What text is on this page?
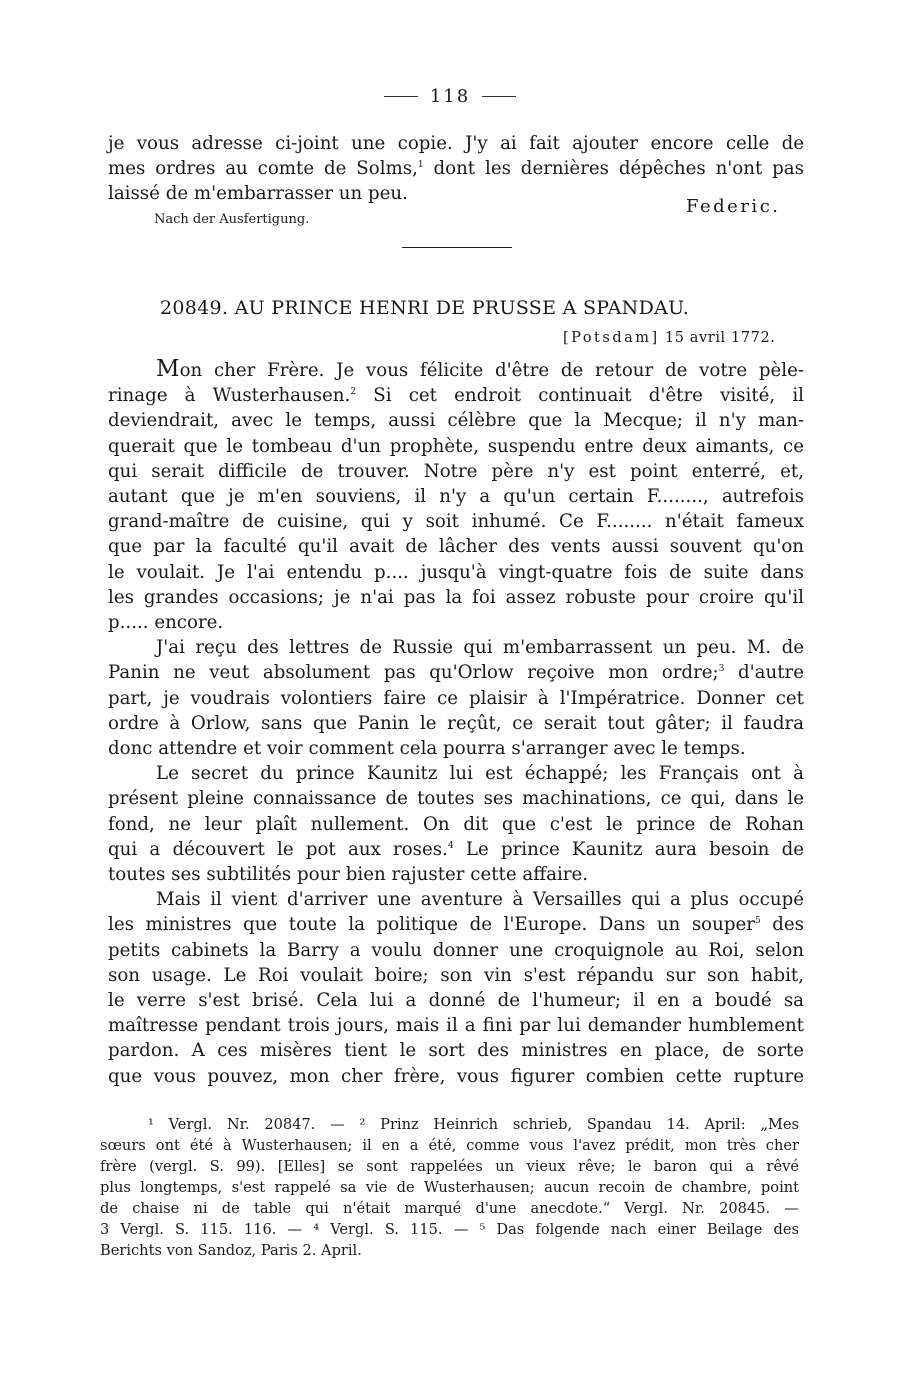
118
je vous adresse ci-joint une copie. J'y ai fait ajouter encore celle de
mes ordres au comte de Solms,$^1$ dont les dernières dépêches n'ont pas
laissé de m'embarrasser un peu.
Nach der Ausfertigung.
Federic.
20849. AU PRINCE HENRI DE PRUSSE A SPANDAU.
[Potsdam] 15 avril 1772.
Mon cher Frère. Je vous félicite d'être de retour de votre pèle-
rinage à Wusterhausen.$^2$ Si cet endroit continuait d'être visité, il
deviendrait, avec le temps, aussi célèbre que la Mecque; il n'y man-
querait que le tombeau d'un prophète, suspendu entre deux aimants, ce
qui serait difficile de trouver. Notre père n'y est point enterré, et,
autant que je m'en souviens, il n'y a qu'un certain F........, autrefois
grand-maître de cuisine, qui y soit inhumé. Ce F........ n'était fameux
que par la faculté qu'il avait de lâcher des vents aussi souvent qu'on
le voulait. Je l'ai entendu p.... jusqu'à vingt-quatre fois de suite dans
les grandes occasions; je n'ai pas la foi assez robuste pour croire qu'il
p..... encore.
J'ai reçu des lettres de Russie qui m'embarrassent un peu. M. de
Panin ne veut absolument pas qu'Orlow reçoive mon ordre;$^3$ d'autre
part, je voudrais volontiers faire ce plaisir à l'Impératrice. Donner cet
ordre à Orlow, sans que Panin le reçût, ce serait tout gâter; il faudra
donc attendre et voir comment cela pourra s'arranger avec le temps.
Le secret du prince Kaunitz lui est échappé; les Français ont à
présent pleine connaissance de toutes ses machinations, ce qui, dans le
fond, ne leur plaît nullement. On dit que c'est le prince de Rohan
qui a découvert le pot aux roses.$^4$ Le prince Kaunitz aura besoin de
toutes ses subtilités pour bien rajuster cette affaire.
Mais il vient d'arriver une aventure à Versailles qui a plus occupé
les ministres que toute la politique de l'Europe. Dans un souper$^5$ des
petits cabinets la Barry a voulu donner une croquignole au Roi, selon
son usage. Le Roi voulait boire; son vin s'est répandu sur son habit,
le verre s'est brisé. Cela lui a donné de l'humeur; il en a boudé sa
maîtresse pendant trois jours, mais il a fini par lui demander humblement
pardon. A ces misères tient le sort des ministres en place, de sorte
que vous pouvez, mon cher frère, vous figurer combien cette rupture
¹ Vergl. Nr. 20847. — ² Prinz Heinrich schrieb, Spandau 14. April: „Mes
sœurs ont été à Wusterhausen; il en a été, comme vous l'avez prédit, mon très cher
frère (vergl. S. 99). [Elles] se sont rappelées un vieux rêve; le baron qui a rêvé
plus longtemps, s'est rappelé sa vie de Wusterhausen; aucun recoin de chambre, point
de chaise ni de table qui n'était marqué d'une anecdote.“ Vergl. Nr. 20845. —
3 Vergl. S. 115. 116. — ⁴ Vergl. S. 115. — ⁵ Das folgende nach einer Beilage des
Berichts von Sandoz, Paris 2. April.
